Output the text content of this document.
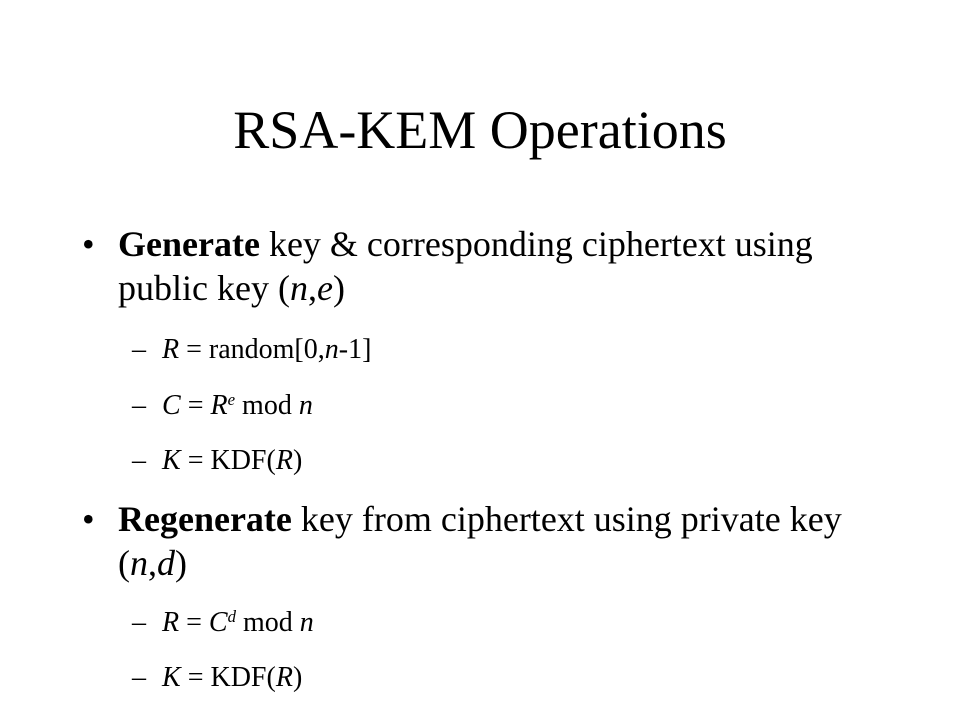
RSA-KEM Operations
• Generate key & corresponding ciphertext using public key (n,e)
– R = random[0,n-1]
– $C = R^e$ mod n
– K = KDF(R)
• Regenerate key from ciphertext using private key (n,d)
– $R = C^d$ mod n
– K = KDF(R)
